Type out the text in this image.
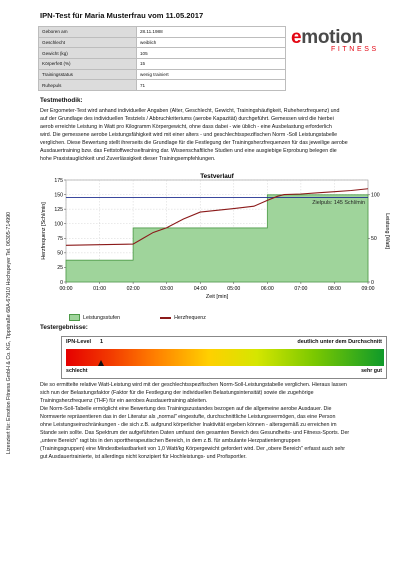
Lizenziert für: Emotion Fitness GmbH & Co. KG, Tippstraße 68A-67910 Hochspeyer Tel. 06305-714990
IPN-Test für Maria Musterfrau vom 11.05.2017
emotion
FITNESS
Geboren am	28.11.1988
Geschlecht	weiblich
Gewicht (kg)	105
Körperfett (%)	15
Trainingsstatus	wenig trainiert
Ruhepuls	71
Testmethodik:
Der Ergometer-Test wird anhand individueller Angaben (Alter, Geschlecht, Gewicht, Trainingshäufigkeit, Ruheherzfrequenz) und
auf der Grundlage des individuellen Testziels / Abbruchkriteriums (aerobe Kapazität) durchgeführt. Gemessen wird die hierbei
aerob erreichte Leistung in Watt pro Kilogramm Körpergewicht, ohne dass dabei - wie üblich - eine Ausbelastung erforderlich
wird. Die gemessene aerobe Leistungsfähigkeit wird mit einer alters - und geschlechtsspezifischen Norm -Soll Leistungstabelle
verglichen. Diese Bewertung stellt ihrerseits die Grundlage für die Festlegung der Trainingsherzfrequenzen für das jeweilige aerobe
Ausdauertraining bzw. das Fettstoffwechseltraining dar. Wissenschaftliche Studien und eine ausgiebige Erprobung belegen die
hohe Praxistauglichkeit und Zuverlässigkeit dieser Trainingsempfehlungen.
Testverlauf
Zielpuls: 145 Schl/min
0
25
50
75
100
125
150
175
0
50
100
00:00	01:00	02:00	03:00	04:00	05:00	06:00	07:00	08:00	09:00
Zeit [min]
Herzfrequenz [Schl/min]	Leistung [Watt]
Leistungsstufen	Herzfrequenz
Testergebnisse:
IPN-Level 1	deutlich unter dem Durchschnitt
schlecht	sehr gut
Die so ermittelte relative Watt-Leistung wird mit der geschlechtsspezifischen Norm-Soll-Leistungstabelle verglichen. Hieraus lassen
sich nun der Belastungsfaktor (Faktor für die Festlegung der individuellen Belastungsintensität) sowie die zugehörige
Trainingsherzfrequenz (THF) für ein aerobes Ausdauertraining ableiten.
Die Norm-Soll-Tabelle ermöglicht eine Bewertung des Trainingszustandes bezogen auf die allgemeine aerobe Ausdauer. Die
Normwerte repräsentieren das in der Literatur als „normal" eingestufte, durchschnittliche Leistungsvermögen, das eine Person
ohne Leistungseinschränkungen - die sich z.B. aufgrund körperlicher Inaktivität ergeben können - altersgemäß zu erreichen im
Stande sein sollte. Das Spektrum der aufgeführten Daten umfasst den gesamten Bereich des Gesundheits- und Fitness-Sports. Der
„untere Bereich" ragt bis in den sporttherapeutischen Bereich, in dem z.B. für ambulante Herzpatientengruppen
(Trainingsgruppen) eine Mindestbelastbarkeit von 1,0 Watt/kg Körpergewicht gefordert wird. Der „obere Bereich" erfasst auch sehr
gut Ausdauertrainierte, ist allerdings nicht konzipiert für Hochleistungs- und Profisportler.
